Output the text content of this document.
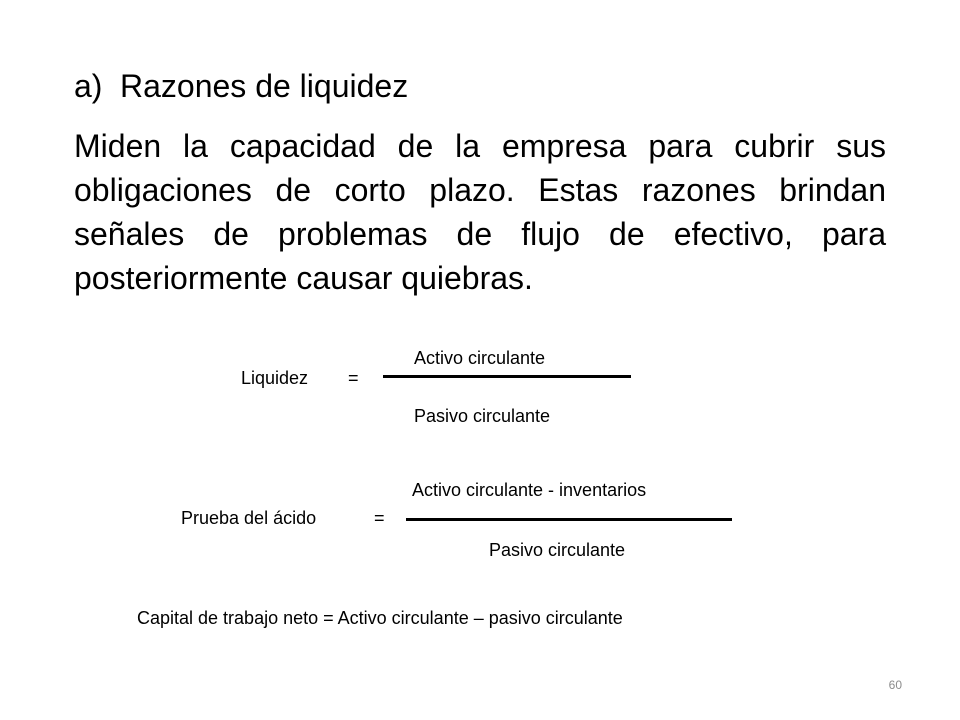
a) Razones de liquidez
Miden la capacidad de la empresa para cubrir sus obligaciones de corto plazo. Estas razones brindan señales de problemas de flujo de efectivo, para posteriormente causar quiebras.
Activo circulante
Liquidez =
Pasivo circulante
Activo circulante - inventarios
Prueba del ácido	=
Pasivo circulante
Capital de trabajo neto = Activo circulante – pasivo circulante
60
